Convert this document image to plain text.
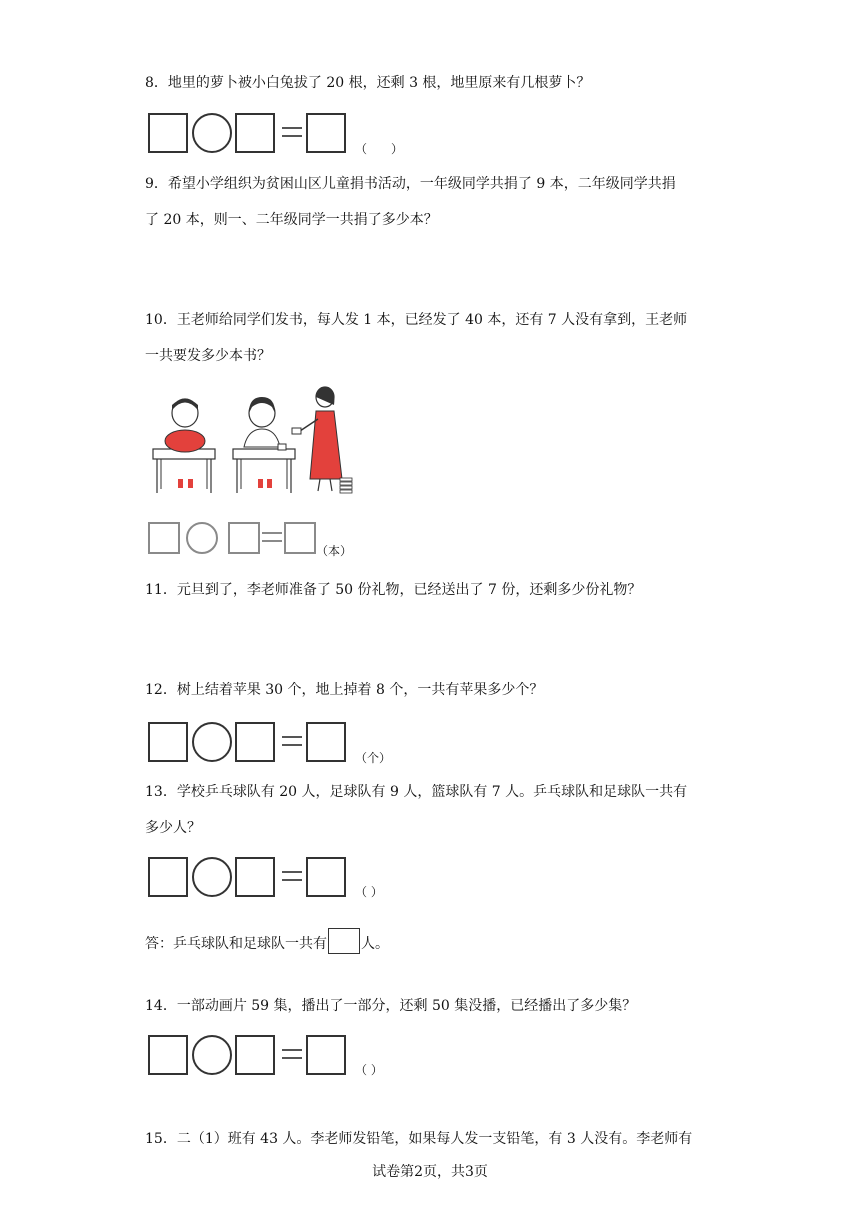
8．地里的萝卜被小白兔拔了 20 根，还剩 3 根，地里原来有几根萝卜？
（　　）
9．希望小学组织为贫困山区儿童捐书活动，一年级同学共捐了 9 本，二年级同学共捐
了 20 本，则一、二年级同学一共捐了多少本？
10．王老师给同学们发书，每人发 1 本，已经发了 40 本，还有 7 人没有拿到，王老师
一共要发多少本书？
（本）
11．元旦到了，李老师准备了 50 份礼物，已经送出了 7 份，还剩多少份礼物？
12．树上结着苹果 30 个，地上掉着 8 个，一共有苹果多少个？
（个）
13．学校乒乓球队有 20 人，足球队有 9 人，篮球队有 7 人。乒乓球队和足球队一共有
多少人？
（ ）
答：乒乓球队和足球队一共有 人。
14．一部动画片 59 集，播出了一部分，还剩 50 集没播，已经播出了多少集？
（ ）
15．二（1）班有 43 人。李老师发铅笔，如果每人发一支铅笔，有 3 人没有。李老师有
试卷第2页，共3页
